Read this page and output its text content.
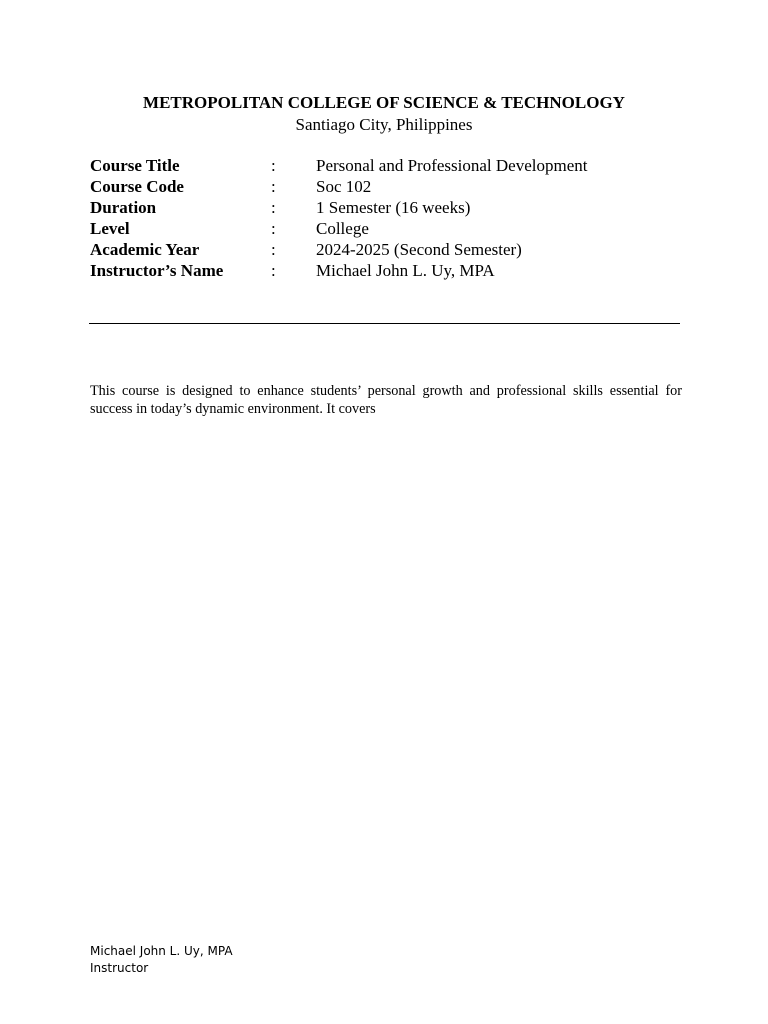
METROPOLITAN COLLEGE OF SCIENCE & TECHNOLOGY
Santiago City, Philippines
Course Title	:	Personal and Professional Development
Course Code	:	Soc 102
Duration	:	1 Semester (16 weeks)
Level	:	College
Academic Year	:	2024-2025 (Second Semester)
Instructor’s Name	:	Michael John L. Uy, MPA

This course is designed to enhance students’ personal growth and professional skills essential for success in today’s dynamic environment. It covers

Michael John L. Uy, MPA
Instructor
